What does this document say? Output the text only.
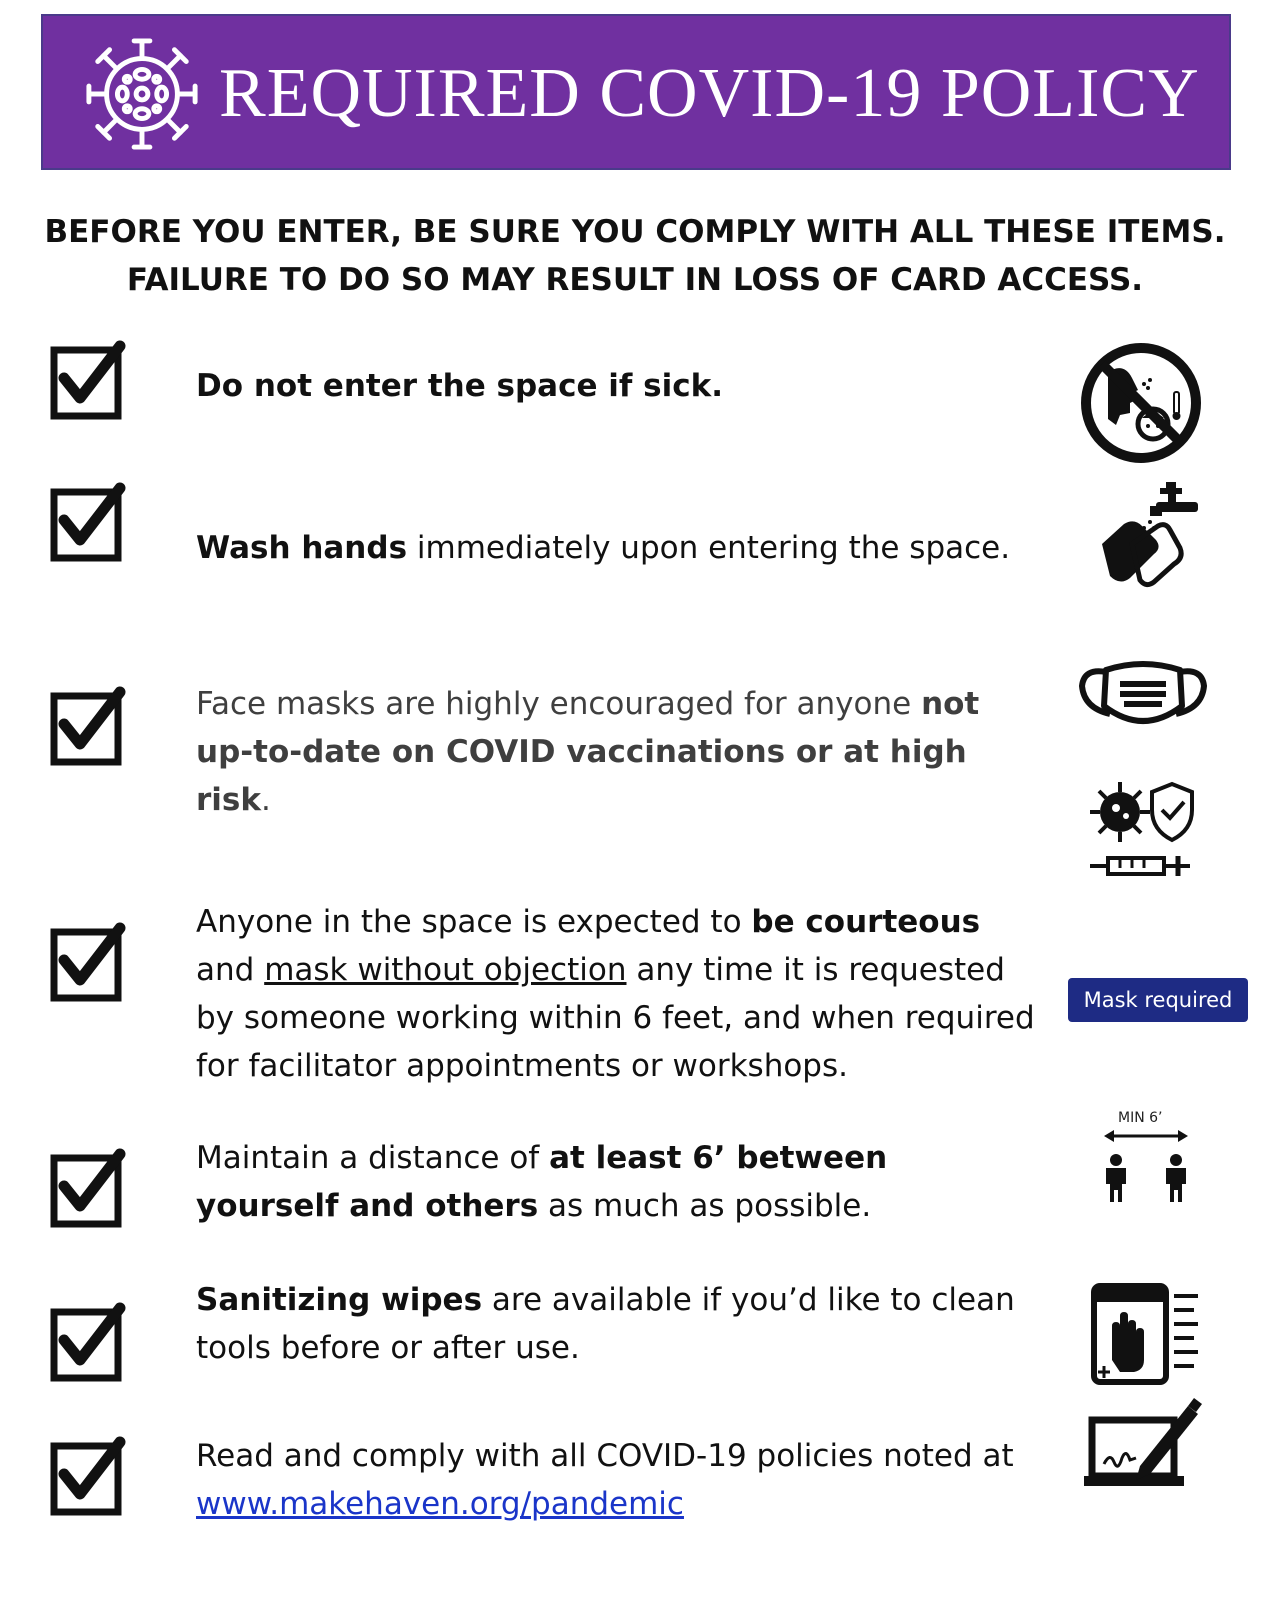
REQUIRED COVID-19 POLICY
BEFORE YOU ENTER, BE SURE YOU COMPLY WITH ALL THESE ITEMS.
FAILURE TO DO SO MAY RESULT IN LOSS OF CARD ACCESS.
Do not enter the space if sick.
Wash hands immediately upon entering the space.
Face masks are highly encouraged for anyone not up-to-date on COVID vaccinations or at high risk.
Anyone in the space is expected to be courteous and mask without objection any time it is requested by someone working within 6 feet, and when required for facilitator appointments or workshops.
Maintain a distance of at least 6’ between yourself and others as much as possible.
Sanitizing wipes are available if you’d like to clean tools before or after use.
Read and comply with all COVID-19 policies noted at www.makehaven.org/pandemic
Mask required
MIN 6’
